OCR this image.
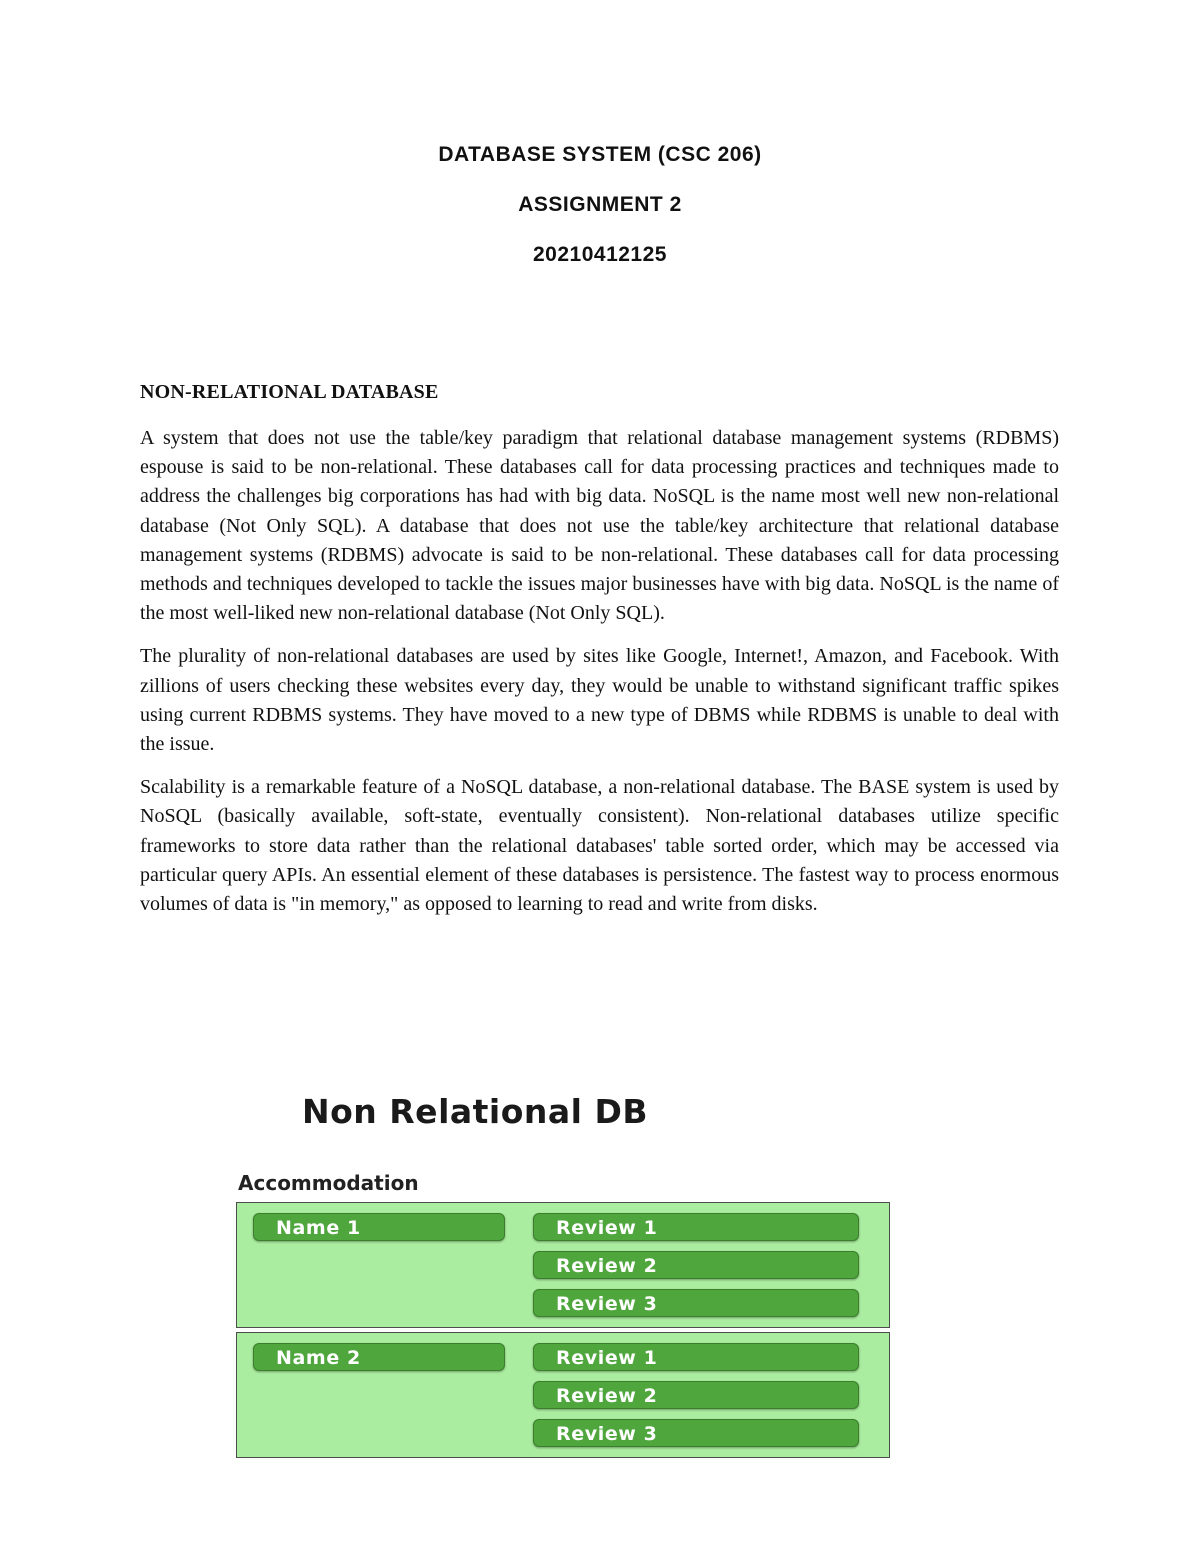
DATABASE SYSTEM (CSC 206)
ASSIGNMENT 2
20210412125
NON-RELATIONAL DATABASE

A system that does not use the table/key paradigm that relational database management systems (RDBMS) espouse is said to be non-relational. These databases call for data processing practices and techniques made to address the challenges big corporations has had with big data. NoSQL is the name most well new non-relational database (Not Only SQL). A database that does not use the table/key architecture that relational database management systems (RDBMS) advocate is said to be non-relational. These databases call for data processing methods and techniques developed to tackle the issues major businesses have with big data. NoSQL is the name of the most well-liked new non-relational database (Not Only SQL).

The plurality of non-relational databases are used by sites like Google, Internet!, Amazon, and Facebook. With zillions of users checking these websites every day, they would be unable to withstand significant traffic spikes using current RDBMS systems. They have moved to a new type of DBMS while RDBMS is unable to deal with the issue.

Scalability is a remarkable feature of a NoSQL database, a non-relational database. The BASE system is used by NoSQL (basically available, soft-state, eventually consistent). Non-relational databases utilize specific frameworks to store data rather than the relational databases' table sorted order, which may be accessed via particular query APIs. An essential element of these databases is persistence. The fastest way to process enormous volumes of data is "in memory," as opposed to learning to read and write from disks.

Non Relational DB
Accommodation
Name 1	Review 1
Review 2
Review 3
Name 2	Review 1
Review 2
Review 3
